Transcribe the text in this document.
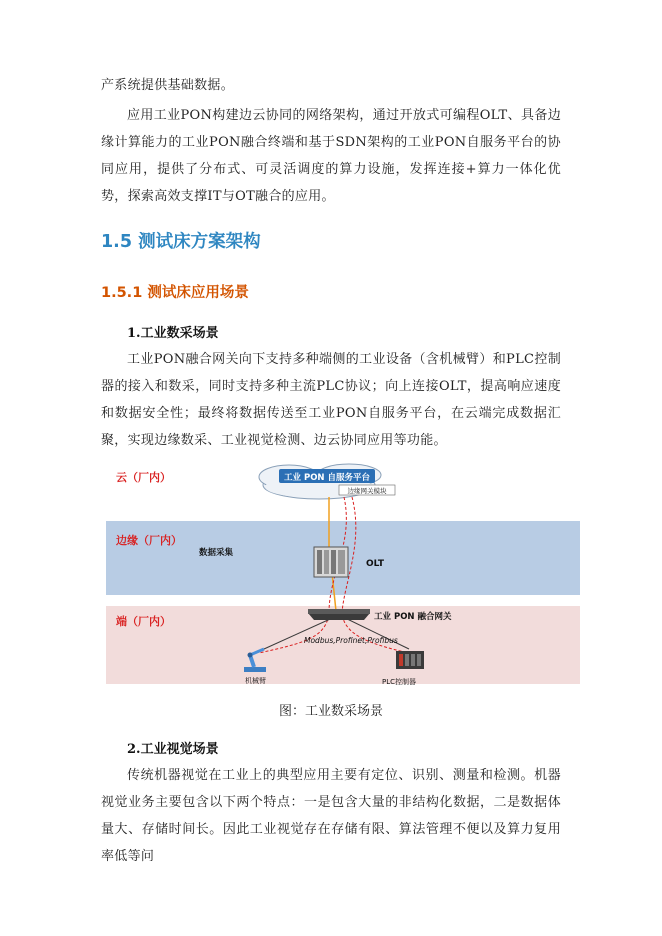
产系统提供基础数据。

应用工业PON构建边云协同的网络架构，通过开放式可编程OLT、具备边缘计算能力的工业PON融合终端和基于SDN架构的工业PON自服务平台的协同应用，提供了分布式、可灵活调度的算力设施，发挥连接+算力一体化优势，探索高效支撑IT与OT融合的应用。

1.5 测试床方案架构
1.5.1 测试床应用场景
1.工业数采场景

工业PON融合网关向下支持多种端侧的工业设备（含机械臂）和PLC控制器的接入和数采，同时支持多种主流PLC协议；向上连接OLT，提高响应速度和数据安全性；最终将数据传送至工业PON自服务平台，在云端完成数据汇聚，实现边缘数采、工业视觉检测、边云协同应用等功能。

云（厂内）
边缘（厂内）
端（厂内）
工业 PON 自服务平台
边缘网关模块
数据采集
OLT
工业 PON 融合网关
Modbus,Profinet,Profibus
机械臂	PLC控制器
图：工业数采场景
2.工业视觉场景

传统机器视觉在工业上的典型应用主要有定位、识别、测量和检测。机器视觉业务主要包含以下两个特点：一是包含大量的非结构化数据，二是数据体量大、存储时间长。因此工业视觉存在存储有限、算法管理不便以及算力复用率低等问
